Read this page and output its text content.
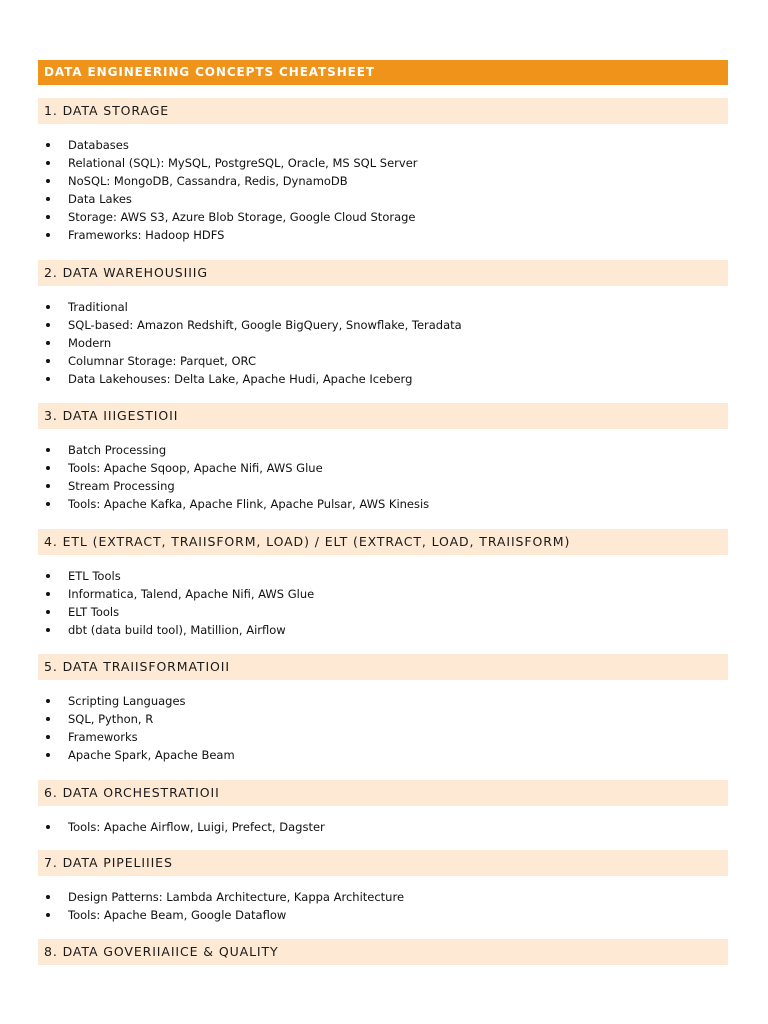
DATA ENGINEERING CONCEPTS CHEATSHEET
1. DATA STORAGE
Databases
Relational (SQL): MySQL, PostgreSQL, Oracle, MS SQL Server
NoSQL: MongoDB, Cassandra, Redis, DynamoDB
Data Lakes
Storage: AWS S3, Azure Blob Storage, Google Cloud Storage
Frameworks: Hadoop HDFS
2. DATA WAREHOUSIIIG
Traditional
SQL-based: Amazon Redshift, Google BigQuery, Snowflake, Teradata
Modern
Columnar Storage: Parquet, ORC
Data Lakehouses: Delta Lake, Apache Hudi, Apache Iceberg
3. DATA IIIGESTIOII
Batch Processing
Tools: Apache Sqoop, Apache Nifi, AWS Glue
Stream Processing
Tools: Apache Kafka, Apache Flink, Apache Pulsar, AWS Kinesis
4. ETL (EXTRACT, TRAIISFORM, LOAD) / ELT (EXTRACT, LOAD, TRAIISFORM)
ETL Tools
Informatica, Talend, Apache Nifi, AWS Glue
ELT Tools
dbt (data build tool), Matillion, Airflow
5. DATA TRAIISFORMATIOII
Scripting Languages
SQL, Python, R
Frameworks
Apache Spark, Apache Beam
6. DATA ORCHESTRATIOII
Tools: Apache Airflow, Luigi, Prefect, Dagster
7. DATA PIPELIIIES
Design Patterns: Lambda Architecture, Kappa Architecture
Tools: Apache Beam, Google Dataflow
8. DATA GOVERIIAIICE & QUALITY
